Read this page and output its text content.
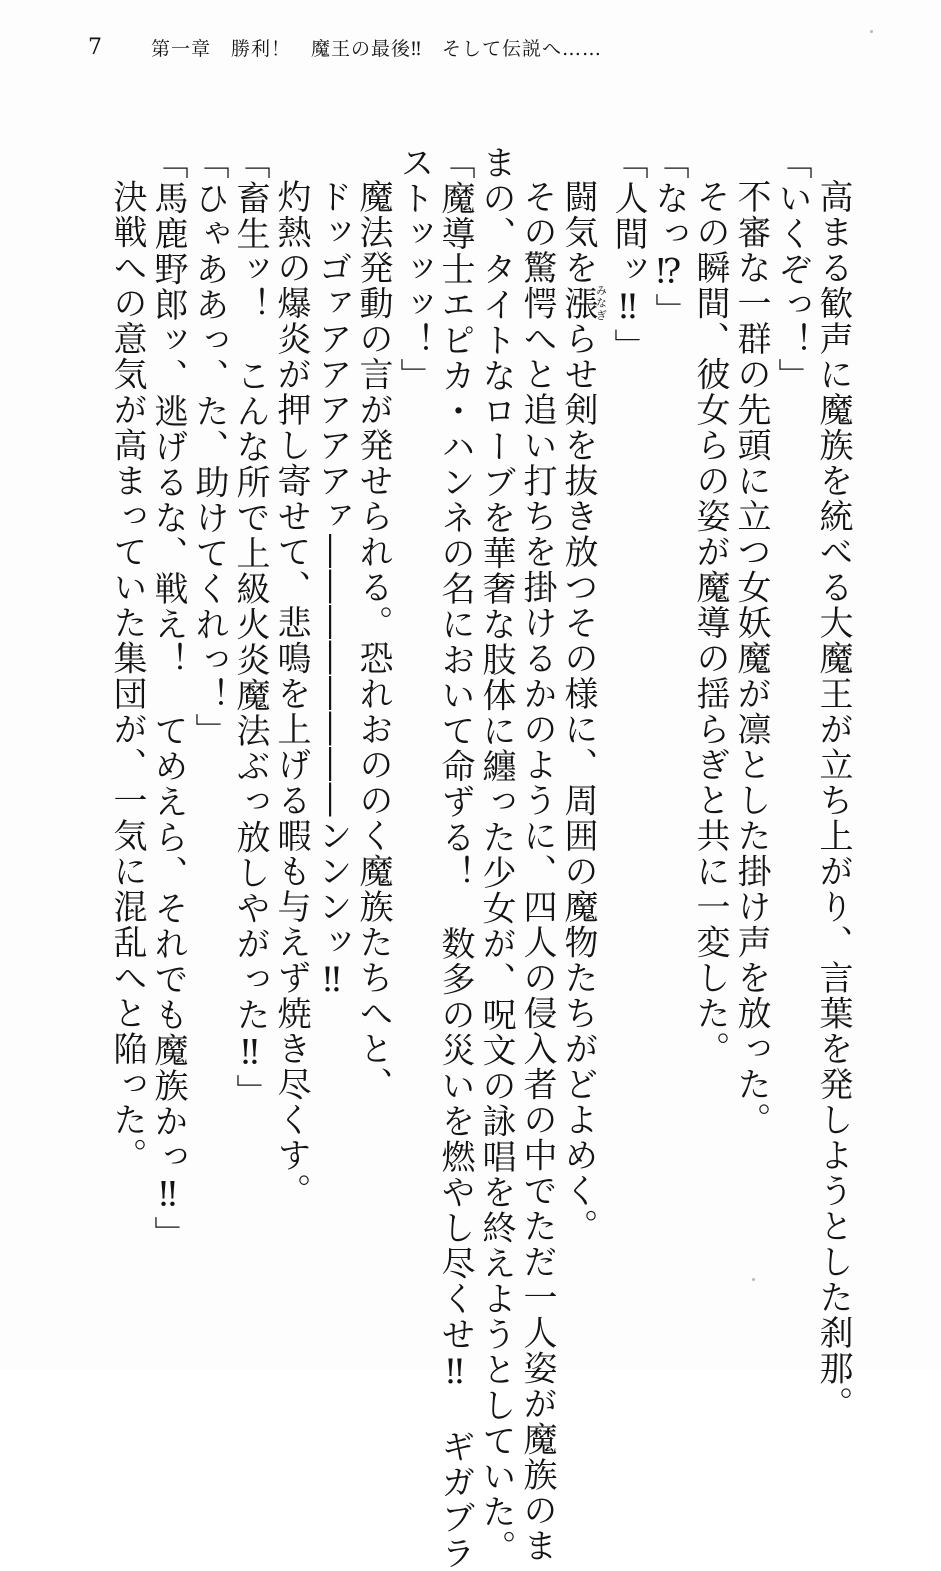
7	第一章　勝利！　魔王の最後‼　そして伝説へ……
高まる歓声に魔族を統べる大魔王が立ち上がり、言葉を発しようとした刹那。
「いくぞっ！」
不審な一群の先頭に立つ女妖魔が凛とした掛け声を放った。
その瞬間、彼女らの姿が魔導の揺らぎと共に一変した。
「なっ⁉」
「人間ッ‼」
闘気を漲みなぎらせ剣を抜き放つその様に、周囲の魔物たちがどよめく。
その驚愕へと追い打ちを掛けるかのように、四人の侵入者の中でただ一人姿が魔族のま
まの、タイトなローブを華奢な肢体に纏った少女が、呪文の詠唱を終えようとしていた。
「魔導士エピカ・ハンネの名において命ずる！　数多の災いを燃やし尽くせ‼　ギガブラ
ストッッッ！」
魔法発動の言が発せられる。恐れおののく魔族たちへと、
ドッゴァアアアアアァ――――――――ンンンッ‼
灼熱の爆炎が押し寄せて、悲鳴を上げる暇も与えず焼き尽くす。
「畜生ッ！　こんな所で上級火炎魔法ぶっ放しやがった‼」
「ひゃああっ、た、助けてくれっ！」
「馬鹿野郎ッ、逃げるな、戦え！　てめえら、それでも魔族かっ‼」
決戦への意気が高まっていた集団が、一気に混乱へと陥った。
